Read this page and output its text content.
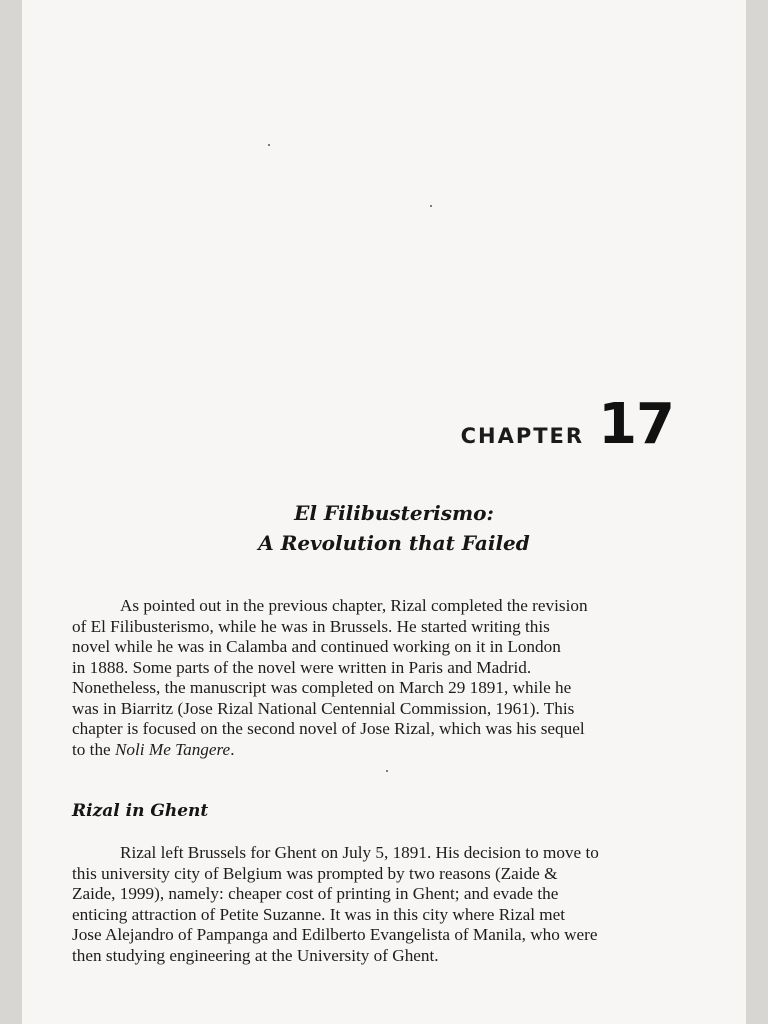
CHAPTER 17
El Filibusterismo:
A Revolution that Failed
As pointed out in the previous chapter, Rizal completed the revision
of El Filibusterismo, while he was in Brussels. He started writing this
novel while he was in Calamba and continued working on it in London
in 1888. Some parts of the novel were written in Paris and Madrid.
Nonetheless, the manuscript was completed on March 29 1891, while he
was in Biarritz (Jose Rizal National Centennial Commission, 1961). This
chapter is focused on the second novel of Jose Rizal, which was his sequel
to the Noli Me Tangere.
Rizal in Ghent
Rizal left Brussels for Ghent on July 5, 1891. His decision to move to
this university city of Belgium was prompted by two reasons (Zaide &
Zaide, 1999), namely: cheaper cost of printing in Ghent; and evade the
enticing attraction of Petite Suzanne. It was in this city where Rizal met
Jose Alejandro of Pampanga and Edilberto Evangelista of Manila, who were
then studying engineering at the University of Ghent.
